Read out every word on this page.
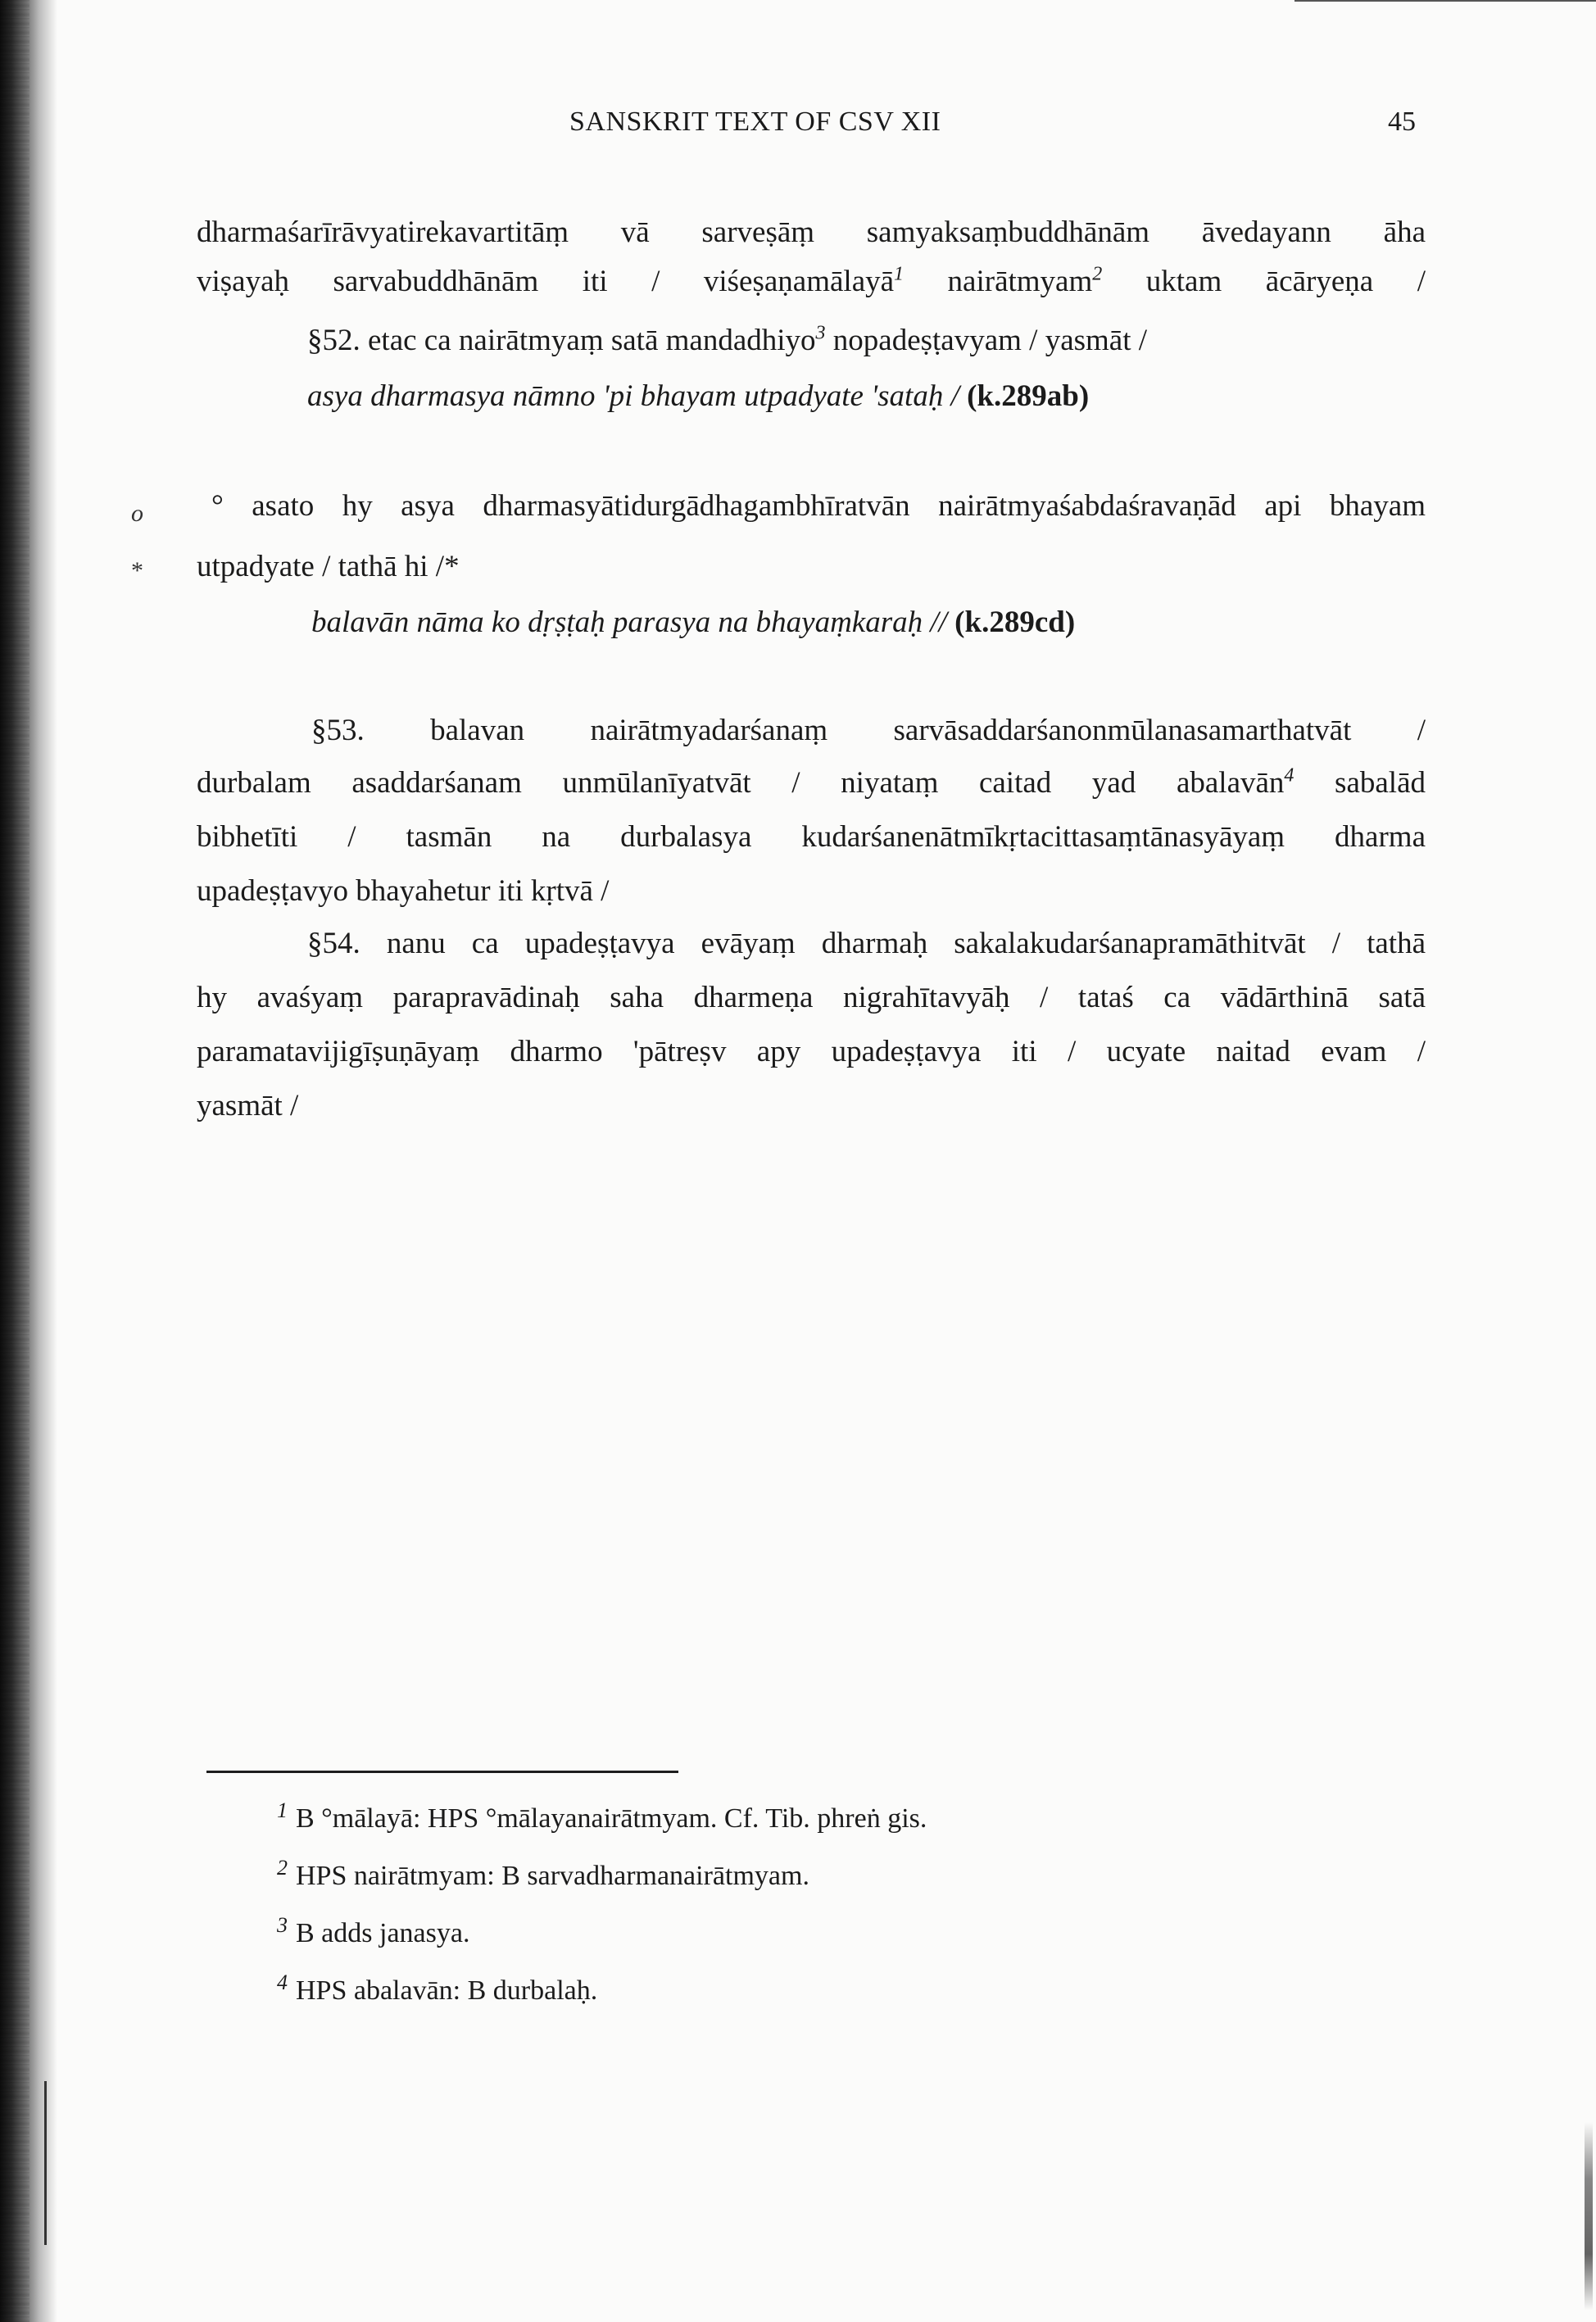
SANSKRIT TEXT OF CSV XII	45
dharmaśarīrāvyatirekavartitāṃ vā sarveṣāṃ samyaksaṃbuddhānām āvedayann āha
viṣayaḥ sarvabuddhānām iti / viśeṣaṇamālayā$^1$ nairātmyam$^2$ uktam ācāryeṇa /
§52. etac ca nairātmyaṃ satā mandadhiyo$^3$ nopadeṣṭavyam / yasmāt /
asya dharmasya nāmno 'pi bhayam utpadyate 'sataḥ / (k.289ab)
o ° asato hy asya dharmasyātidurgādhagambhīratvān nairātmyaśabdaśravaṇād api bhayam
* utpadyate / tathā hi /*
balavān nāma ko dṛṣṭaḥ parasya na bhayaṃkaraḥ // (k.289cd)
§53. balavan nairātmyadarśanaṃ sarvāsaddarśanonmūlanasamarthatvāt /
durbalam asaddarśanam unmūlanīyatvāt / niyataṃ caitad yad abalavān$^4$ sabalād
bibhetīti / tasmān na durbalasya kudarśanenātmīkṛtacittasaṃtānasyāyaṃ dharma
upadeṣṭavyo bhayahetur iti kṛtvā /
§54. nanu ca upadeṣṭavya evāyaṃ dharmaḥ sakalakudarśanapramāthitvāt / tathā
hy avaśyaṃ parapravādinaḥ saha dharmeṇa nigrahītavyāḥ / tataś ca vādārthinā satā
paramatavijigīṣuṇāyaṃ dharmo 'pātreṣv apy upadeṣṭavya iti / ucyate naitad evam /
yasmāt /
$^1$ B °mālayā: HPS °mālayanairātmyam. Cf. Tib. phreṅ gis.
$^2$ HPS nairātmyam: B sarvadharmanairātmyam.
$^3$ B adds janasya.
$^4$ HPS abalavān: B durbalaḥ.
